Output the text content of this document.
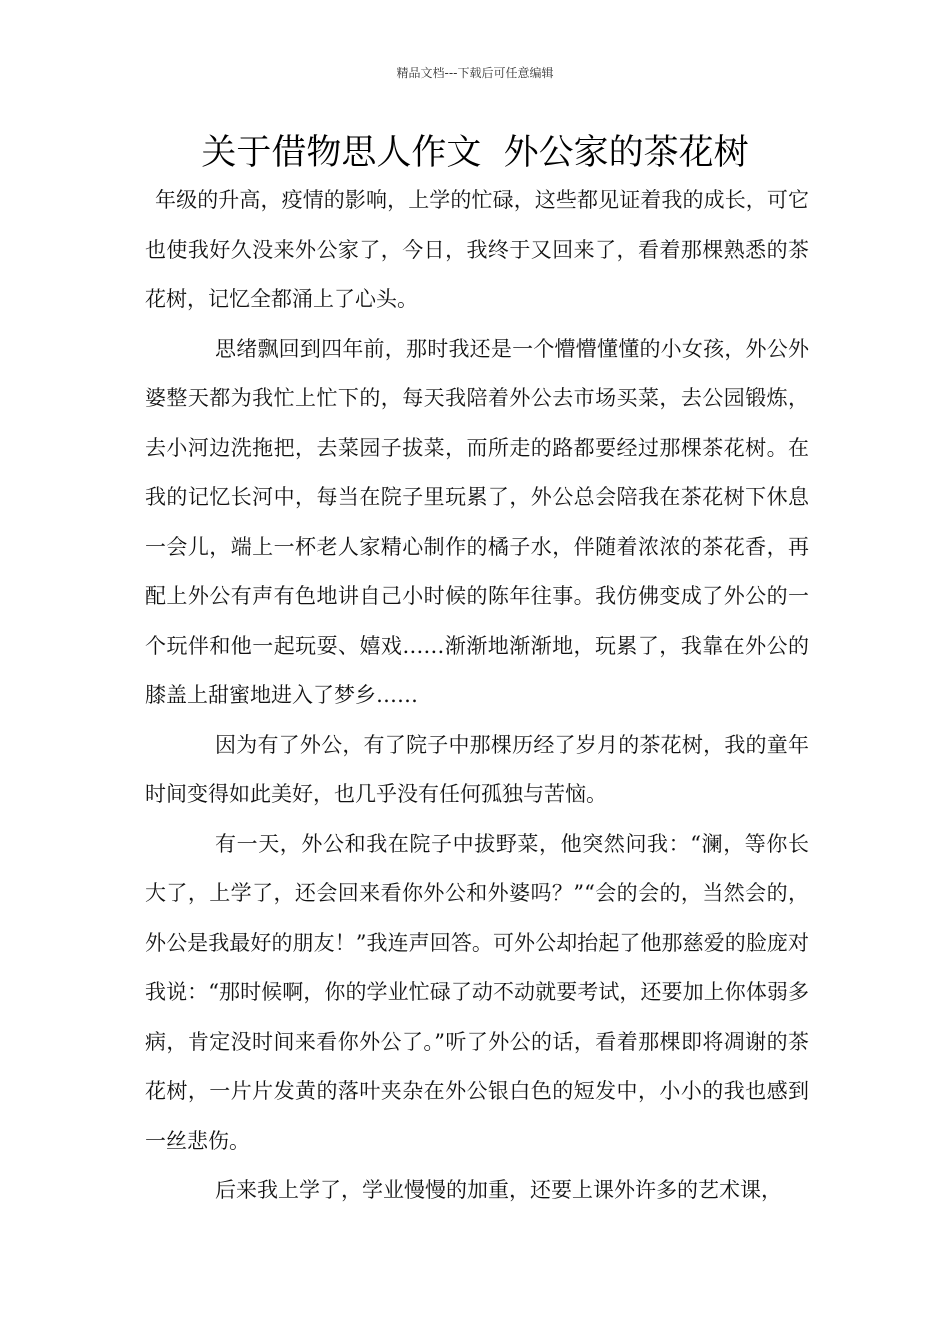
精品文档---下载后可任意编辑
关于借物思人作文  外公家的茶花树

年级的升高，疫情的影响，上学的忙碌，这些都见证着我的成长，可它也使我好久没来外公家了，今日，我终于又回来了，看着那棵熟悉的茶花树，记忆全都涌上了心头。

思绪飘回到四年前，那时我还是一个懵懵懂懂的小女孩，外公外婆整天都为我忙上忙下的，每天我陪着外公去市场买菜，去公园锻炼，去小河边洗拖把，去菜园子拔菜，而所走的路都要经过那棵茶花树。在我的记忆长河中，每当在院子里玩累了，外公总会陪我在茶花树下休息一会儿，端上一杯老人家精心制作的橘子水，伴随着浓浓的茶花香，再配上外公有声有色地讲自己小时候的陈年往事。我仿佛变成了外公的一个玩伴和他一起玩耍、嬉戏……渐渐地渐渐地，玩累了，我靠在外公的膝盖上甜蜜地进入了梦乡……

因为有了外公，有了院子中那棵历经了岁月的茶花树，我的童年时间变得如此美好，也几乎没有任何孤独与苦恼。

有一天，外公和我在院子中拔野菜，他突然问我：“澜，等你长大了，上学了，还会回来看你外公和外婆吗？”“会的会的，当然会的，外公是我最好的朋友！”我连声回答。可外公却抬起了他那慈爱的脸庞对我说：“那时候啊，你的学业忙碌了动不动就要考试，还要加上你体弱多病，肯定没时间来看你外公了。”听了外公的话，看着那棵即将凋谢的茶花树，一片片发黄的落叶夹杂在外公银白色的短发中，小小的我也感到一丝悲伤。

后来我上学了，学业慢慢的加重，还要上课外许多的艺术课，
